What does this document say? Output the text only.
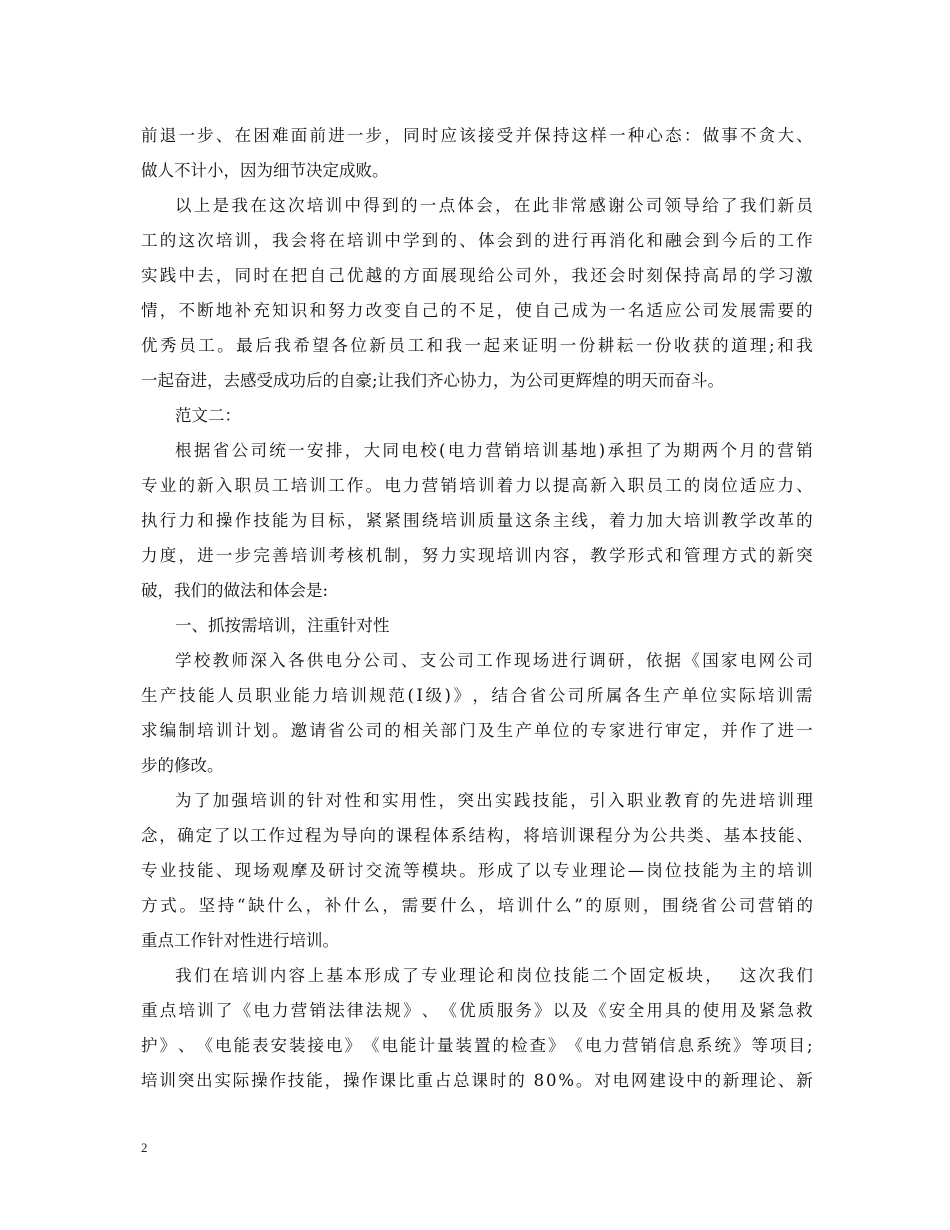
前 退 一 步 、 在 困 难 面 前 进 一 步 ， 同 时 应 该 接 受 并 保 持 这 样 一 种 心 态 ： 做 事 不 贪 大 、
做人不计小，因为细节决定成败。
以 上 是 我 在 这 次 培 训 中 得 到 的 一 点 体 会 ， 在 此 非 常 感 谢 公 司 领 导 给 了 我 们 新 员
工 的 这 次 培 训 ， 我 会 将 在 培 训 中 学 到 的 、 体 会 到 的 进 行 再 消 化 和 融 会 到 今 后 的 工 作
实 践 中 去 ， 同 时 在 把 自 己 优 越 的 方 面 展 现 给 公 司 外 ， 我 还 会 时 刻 保 持 高 昂 的 学 习 激
情 ， 不 断 地 补 充 知 识 和 努 力 改 变 自 己 的 不 足 ， 使 自 己 成 为 一 名 适 应 公 司 发 展 需 要 的
优 秀 员 工 。 最 后 我 希 望 各 位 新 员 工 和 我 一 起 来 证 明 一 份 耕 耘 一 份 收 获 的 道 理 ; 和 我
一起奋进，去感受成功后的自豪;让我们齐心协力，为公司更辉煌的明天而奋斗。
范文二：
根 据 省 公 司 统 一 安 排 ， 大 同 电 校 ( 电 力 营 销 培 训 基 地 ) 承 担 了 为 期 两 个 月 的 营 销
专 业 的 新 入 职 员 工 培 训 工 作 。 电 力 营 销 培 训 着 力 以 提 高 新 入 职 员 工 的 岗 位 适 应 力 、
执 行 力 和 操 作 技 能 为 目 标 ， 紧 紧 围 绕 培 训 质 量 这 条 主 线 ， 着 力 加 大 培 训 教 学 改 革 的
力 度 ， 进 一 步 完 善 培 训 考 核 机 制 ， 努 力 实 现 培 训 内 容 ， 教 学 形 式 和 管 理 方 式 的 新 突
破，我们的做法和体会是:
一、抓按需培训，注重针对性
学 校 教 师 深 入 各 供 电 分 公 司 、 支 公 司 工 作 现 场 进 行 调 研 ， 依 据 《 国 家 电 网 公 司
生 产 技 能 人 员 职 业 能 力 培 训 规 范 ( I 级 ) 》 ， 结 合 省 公 司 所 属 各 生 产 单 位 实 际 培 训 需
求 编 制 培 训 计 划 。 邀 请 省 公 司 的 相 关 部 门 及 生 产 单 位 的 专 家 进 行 审 定 ， 并 作 了 进 一
步的修改。
为 了 加 强 培 训 的 针 对 性 和 实 用 性 ， 突 出 实 践 技 能 ， 引 入 职 业 教 育 的 先 进 培 训 理
念 ， 确 定 了 以 工 作 过 程 为 导 向 的 课 程 体 系 结 构 ， 将 培 训 课 程 分 为 公 共 类 、 基 本 技 能 、
专 业 技 能 、 现 场 观 摩 及 研 讨 交 流 等 模 块 。 形 成 了 以 专 业 理 论 — 岗 位 技 能 为 主 的 培 训
方 式 。 坚 持 “ 缺 什 么 ， 补 什 么 ， 需 要 什 么 ， 培 训 什 么 ” 的 原 则 ， 围 绕 省 公 司 营 销 的
重点工作针对性进行培训。
我 们 在 培 训 内 容 上 基 本 形 成 了 专 业 理 论 和 岗 位 技 能 二 个 固 定 板 块 ，

这 次 我 们
重 点 培 训 了 《 电 力 营 销 法 律 法 规 》 、 《 优 质 服 务 》 以 及 《 安 全 用 具 的 使 用 及 紧 急 救
护 》 、 《 电 能 表 安 装 接 电 》 《 电 能 计 量 装 置 的 检 查 》 《 电 力 营 销 信 息 系 统 》 等 项 目 ;
培 训 突 出 实 际 操 作 技 能 ， 操 作 课 比 重 占 总 课 时 的
8 0 % 。 对 电 网 建 设 中 的 新 理 论 、 新
2
